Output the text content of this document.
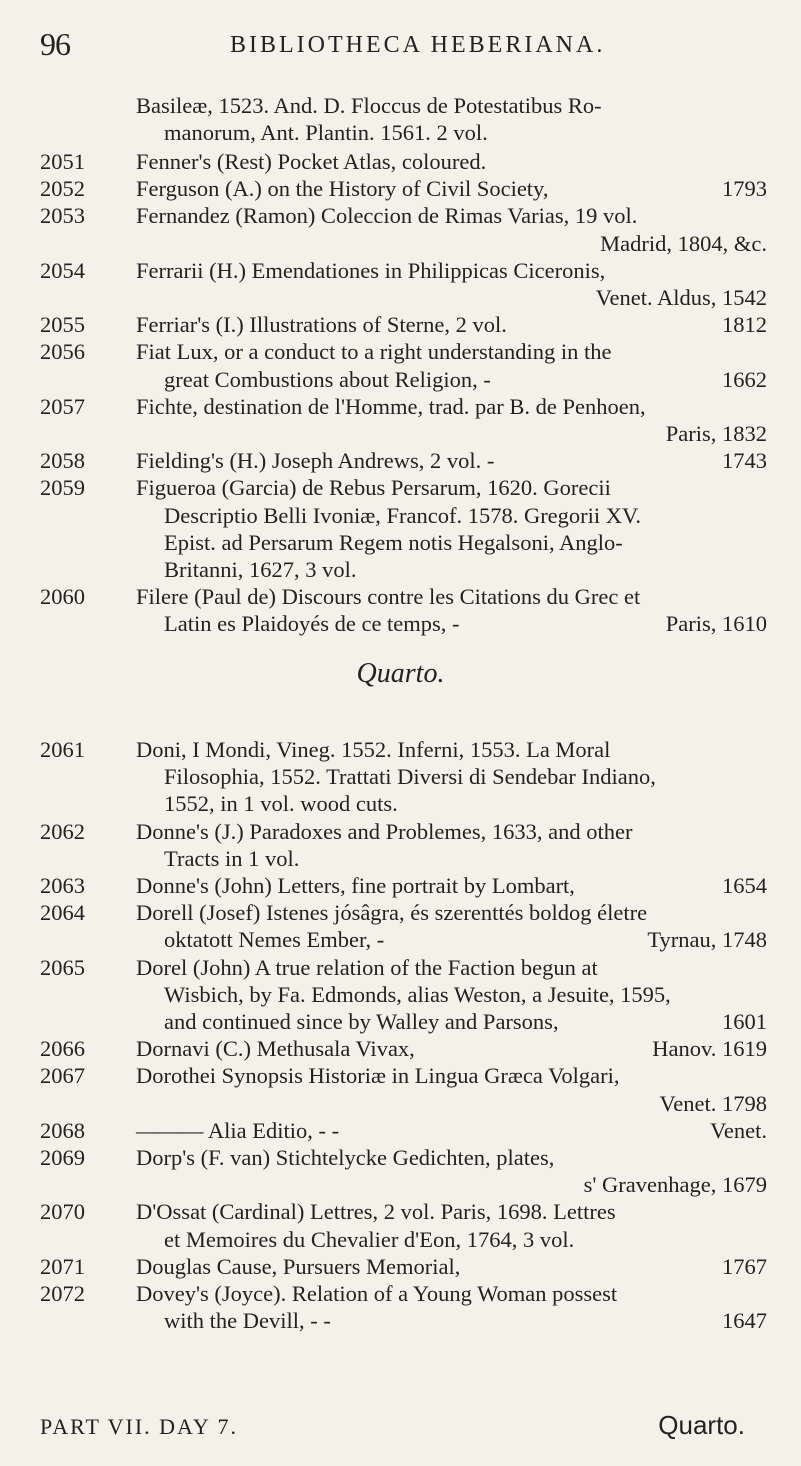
96	BIBLIOTHECA HEBERIANA.
Basileæ, 1523. And. D. Floccus de Potestatibus Ro-
manorum, Ant. Plantin. 1561. 2 vol.
2051	Fenner's (Rest) Pocket Atlas, coloured.
2052	Ferguson (A.) on the History of Civil Society,	1793
2053	Fernandez (Ramon) Coleccion de Rimas Varias, 19 vol.

Madrid, 1804, &c.
2054	Ferrarii (H.) Emendationes in Philippicas Ciceronis,

Venet. Aldus, 1542
2055	Ferriar's (I.) Illustrations of Sterne, 2 vol.	1812
2056	Fiat Lux, or a conduct to a right understanding in the
great Combustions about Religion, -	1662
2057	Fichte, destination de l'Homme, trad. par B. de Penhoen,

Paris, 1832
2058	Fielding's (H.) Joseph Andrews, 2 vol. -	1743
2059	Figueroa (Garcia) de Rebus Persarum, 1620. Gorecii
Descriptio Belli Ivoniæ, Francof. 1578. Gregorii XV.
Epist. ad Persarum Regem notis Hegalsoni, Anglo-
Britanni, 1627, 3 vol.
2060	Filere (Paul de) Discours contre les Citations du Grec et
Latin es Plaidoyés de ce temps, -	Paris, 1610
Quarto.
2061	Doni, I Mondi, Vineg. 1552. Inferni, 1553. La Moral
Filosophia, 1552. Trattati Diversi di Sendebar Indiano,
1552, in 1 vol. wood cuts.
2062	Donne's (J.) Paradoxes and Problemes, 1633, and other
Tracts in 1 vol.
2063	Donne's (John) Letters, fine portrait by Lombart,	1654
2064	Dorell (Josef) Istenes jósâgra, és szerenttés boldog életre
oktatott Nemes Ember, -	Tyrnau, 1748
2065	Dorel (John) A true relation of the Faction begun at
Wisbich, by Fa. Edmonds, alias Weston, a Jesuite, 1595,
and continued since by Walley and Parsons,	1601
2066	Dornavi (C.) Methusala Vivax,	Hanov. 1619
2067	Dorothei Synopsis Historiæ in Lingua Græca Volgari,

Venet. 1798
2068	——— Alia Editio, - -	Venet.
2069	Dorp's (F. van) Stichtelycke Gedichten, plates,

s' Gravenhage, 1679
2070	D'Ossat (Cardinal) Lettres, 2 vol. Paris, 1698. Lettres
et Memoires du Chevalier d'Eon, 1764, 3 vol.
2071	Douglas Cause, Pursuers Memorial,	1767
2072	Dovey's (Joyce). Relation of a Young Woman possest
with the Devill, - -	1647
PART VII. DAY 7.	Quarto.
